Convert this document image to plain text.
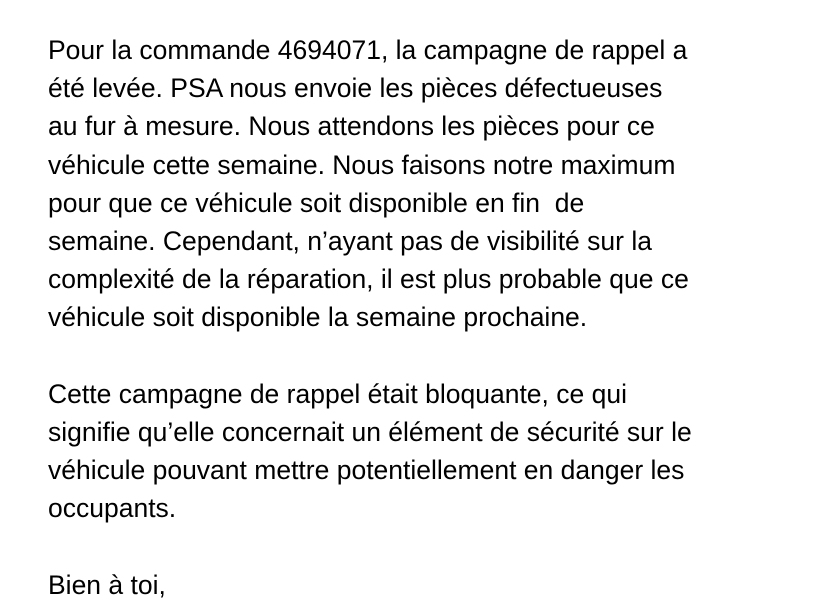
Pour la commande 4694071, la campagne de rappel a
été levée. PSA nous envoie les pièces défectueuses
au fur à mesure. Nous attendons les pièces pour ce
véhicule cette semaine. Nous faisons notre maximum
pour que ce véhicule soit disponible en fin  de
semaine. Cependant, n’ayant pas de visibilité sur la
complexité de la réparation, il est plus probable que ce
véhicule soit disponible la semaine prochaine.
Cette campagne de rappel était bloquante, ce qui
signifie qu’elle concernait un élément de sécurité sur le
véhicule pouvant mettre potentiellement en danger les
occupants.
Bien à toi,
